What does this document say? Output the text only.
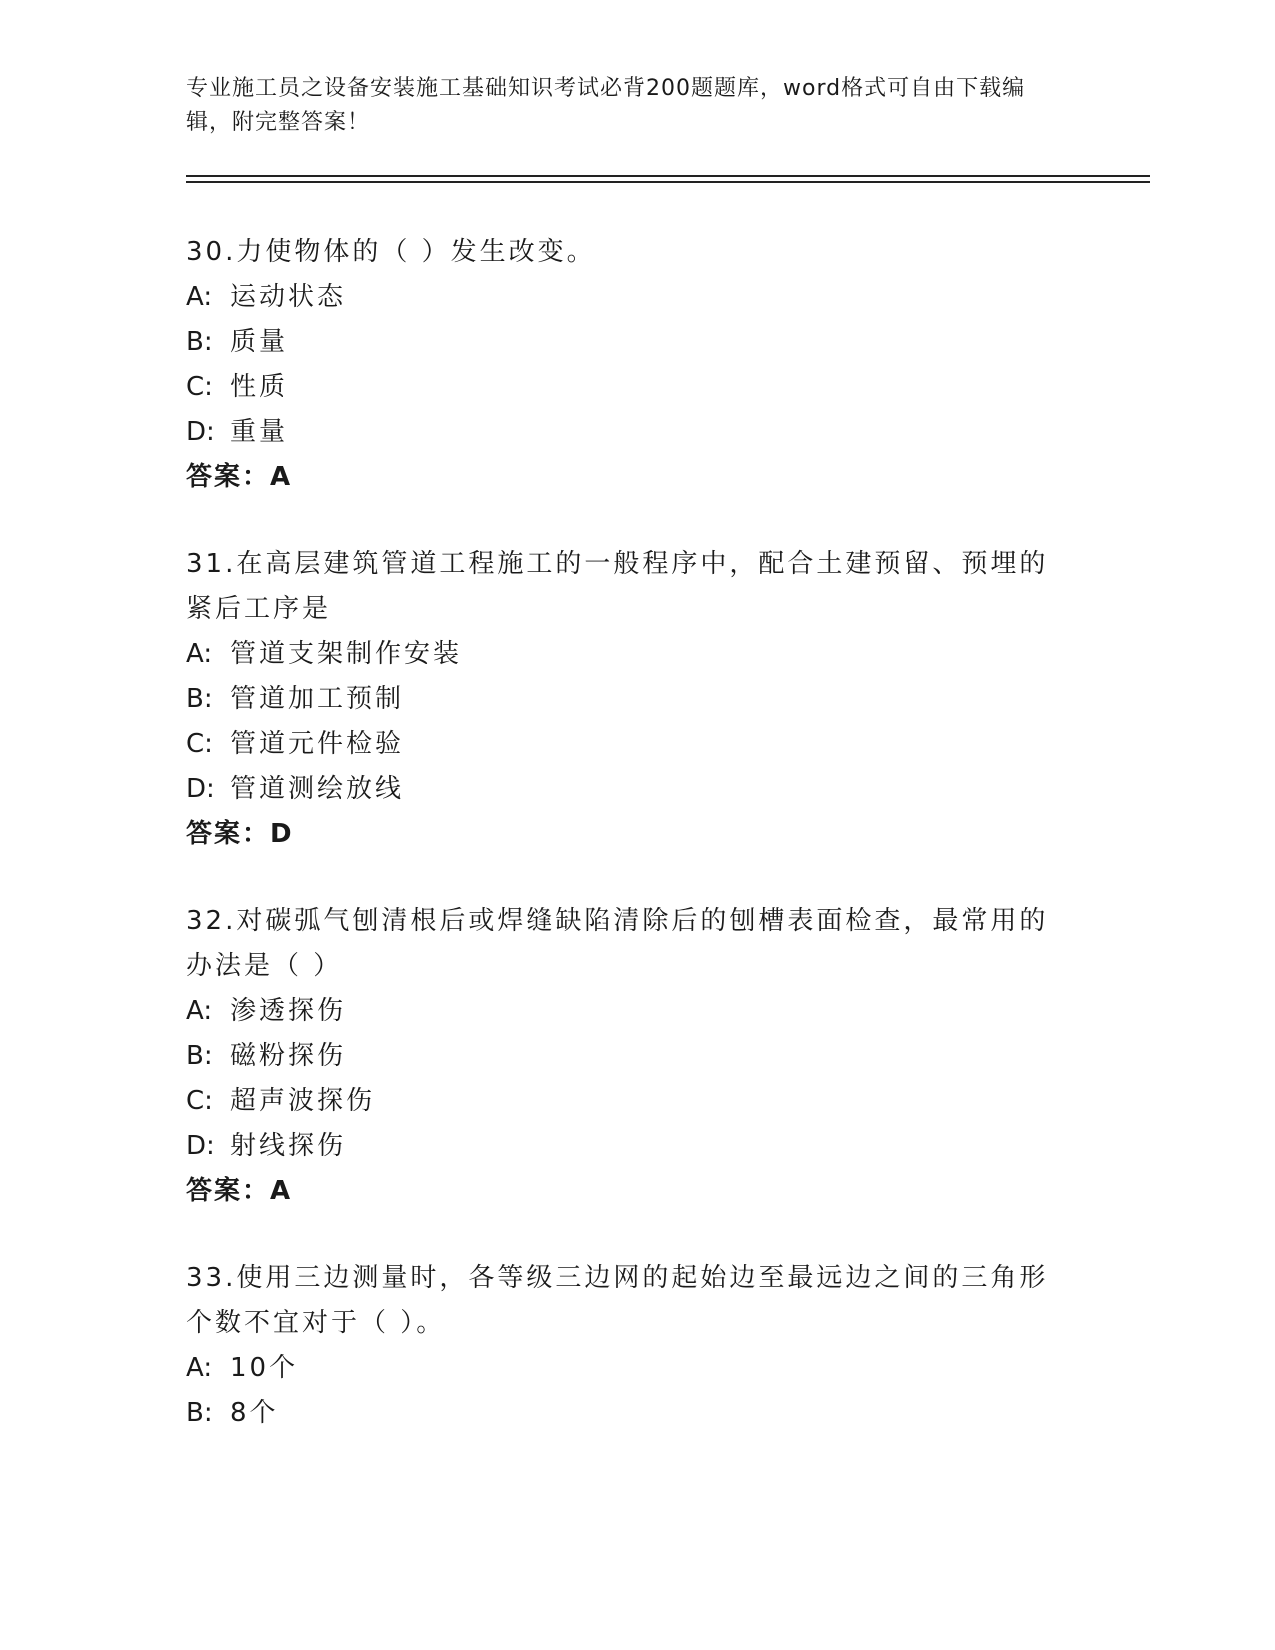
专业施工员之设备安装施工基础知识考试必背200题题库，word格式可自由下载编辑，附完整答案！
30.力使物体的（ ）发生改变。
A: 运动状态
B: 质量
C: 性质
D: 重量
答案：A
31.在高层建筑管道工程施工的一般程序中，配合土建预留、预埋的紧后工序是
A: 管道支架制作安装
B: 管道加工预制
C: 管道元件检验
D: 管道测绘放线
答案：D
32.对碳弧气刨清根后或焊缝缺陷清除后的刨槽表面检查，最常用的办法是（ ）
A: 渗透探伤
B: 磁粉探伤
C: 超声波探伤
D: 射线探伤
答案：A
33.使用三边测量时，各等级三边网的起始边至最远边之间的三角形个数不宜对于（ ）。
A: 10个
B: 8个
